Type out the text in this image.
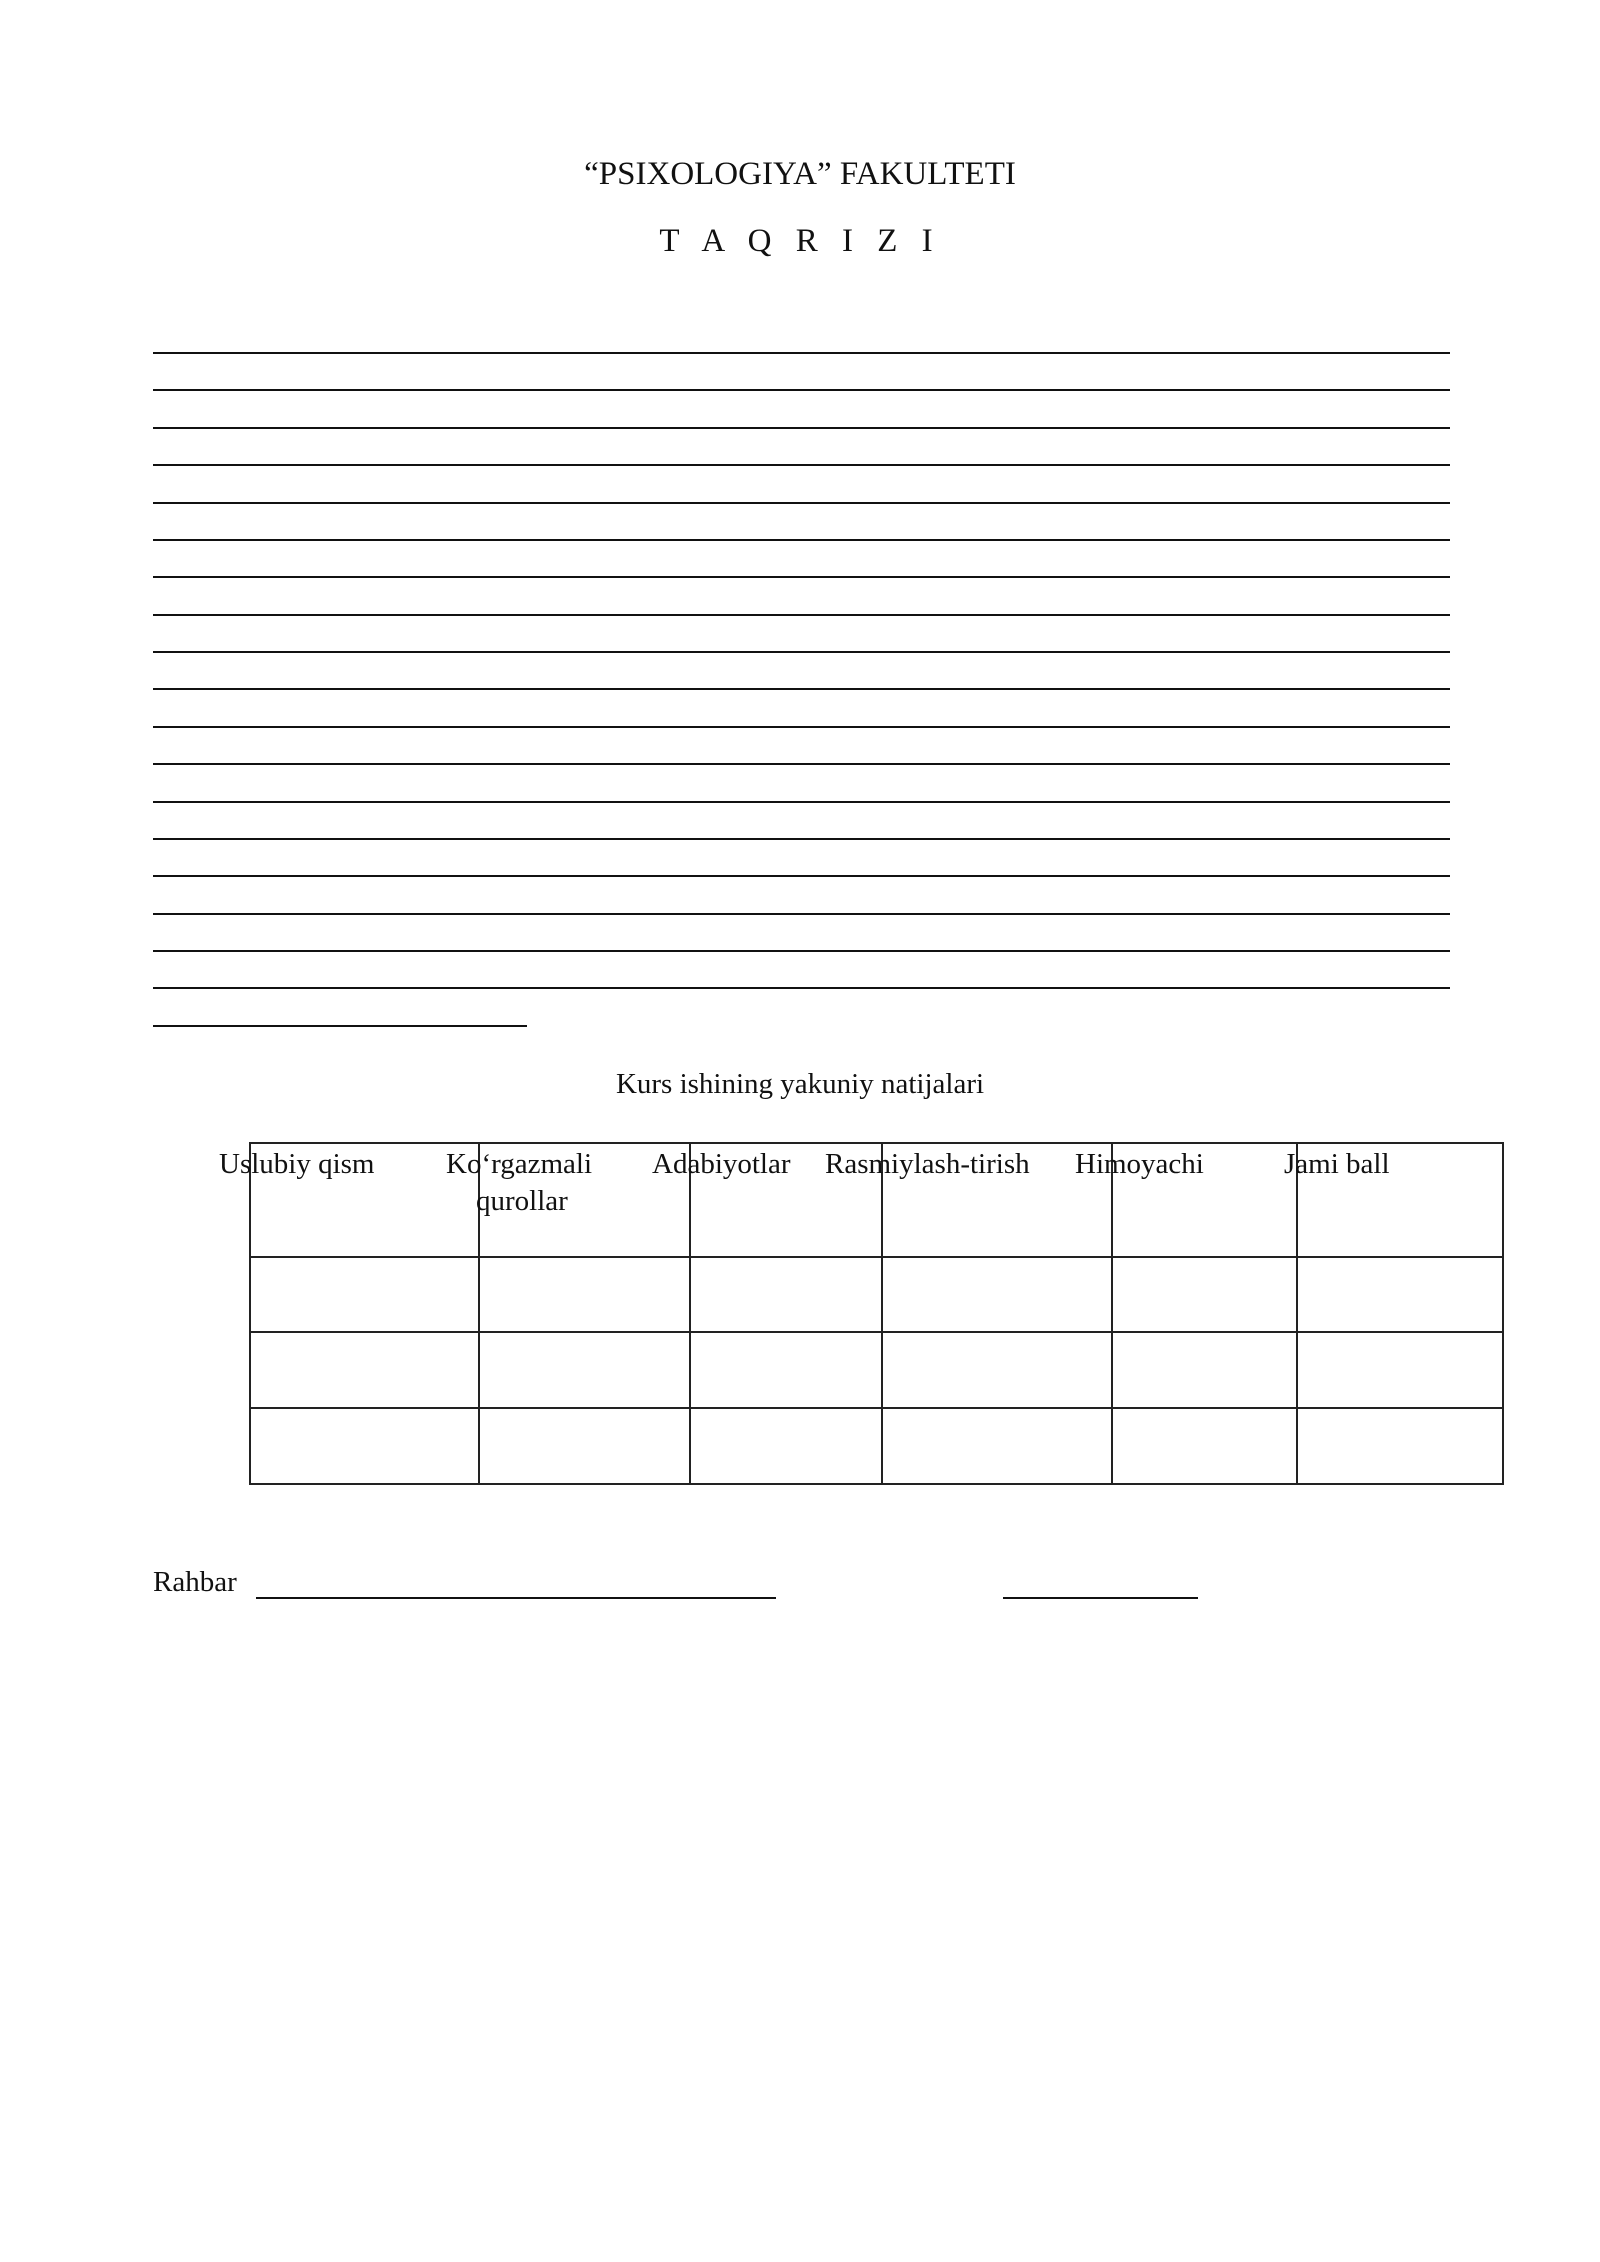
“PSIXOLOGIYA” FAKULTETI
T A Q R I Z I
Kurs ishining yakuniy natijalari
Uslubiy qism Ko‘rgazmali
qurollar
Adabiyotlar Rasmiylash-tirish Himoyachi	Jami ball
Rahbar
